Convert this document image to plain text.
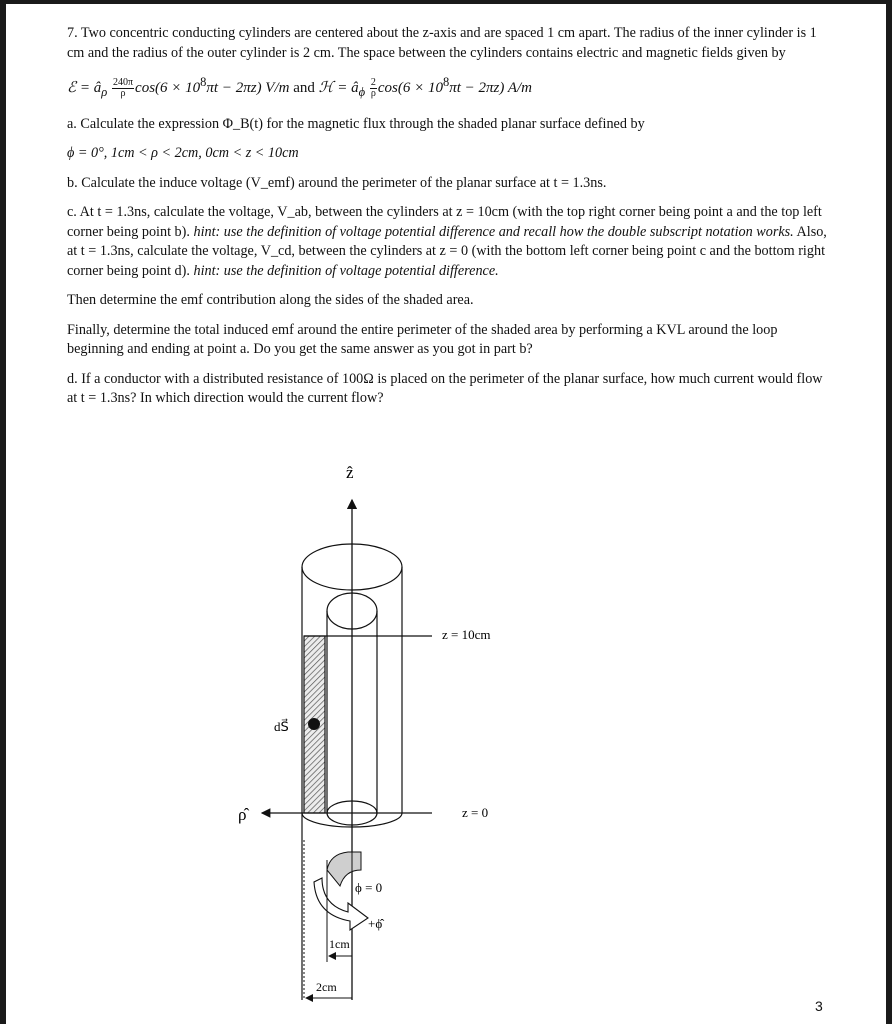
7. Two concentric conducting cylinders are centered about the z-axis and are spaced 1 cm apart. The radius of the inner cylinder is 1 cm and the radius of the outer cylinder is 2 cm. The space between the cylinders contains electric and magnetic fields given by

ℰ = $â_\rho \frac{240\pi}{\rho} \cos(6 \times 10^8\pi t - 2\pi z)$ V/m and ℋ = $â_\phi \frac{2}{\rho} \cos(6 \times 10^8\pi t - 2\pi z)$ A/m

a. Calculate the expression Φ_B(t) for the magnetic flux through the shaded planar surface defined by

ϕ = 0°, 1cm < ρ < 2cm, 0cm < z < 10cm

b. Calculate the induce voltage (V_emf) around the perimeter of the planar surface at t = 1.3ns.

c. At t = 1.3ns, calculate the voltage, V_ab, between the cylinders at z = 10cm (with the top right corner being point a and the top left corner being point b). hint: use the definition of voltage potential difference and recall how the double subscript notation works. Also, at t = 1.3ns, calculate the voltage, V_cd, between the cylinders at z = 0 (with the bottom left corner being point c and the bottom right corner being point d). hint: use the definition of voltage potential difference.

Then determine the emf contribution along the sides of the shaded area.

Finally, determine the total induced emf around the entire perimeter of the shaded area by performing a KVL around the loop beginning and ending at point a. Do you get the same answer as you got in part b?

d. If a conductor with a distributed resistance of 100Ω is placed on the perimeter of the planar surface, how much current would flow at t = 1.3ns? In which direction would the current flow?

ẑ
dS⃗
z = 10cm
ρ̂	z = 0
ϕ = 0
+ϕ̂
1cm
2cm
3
